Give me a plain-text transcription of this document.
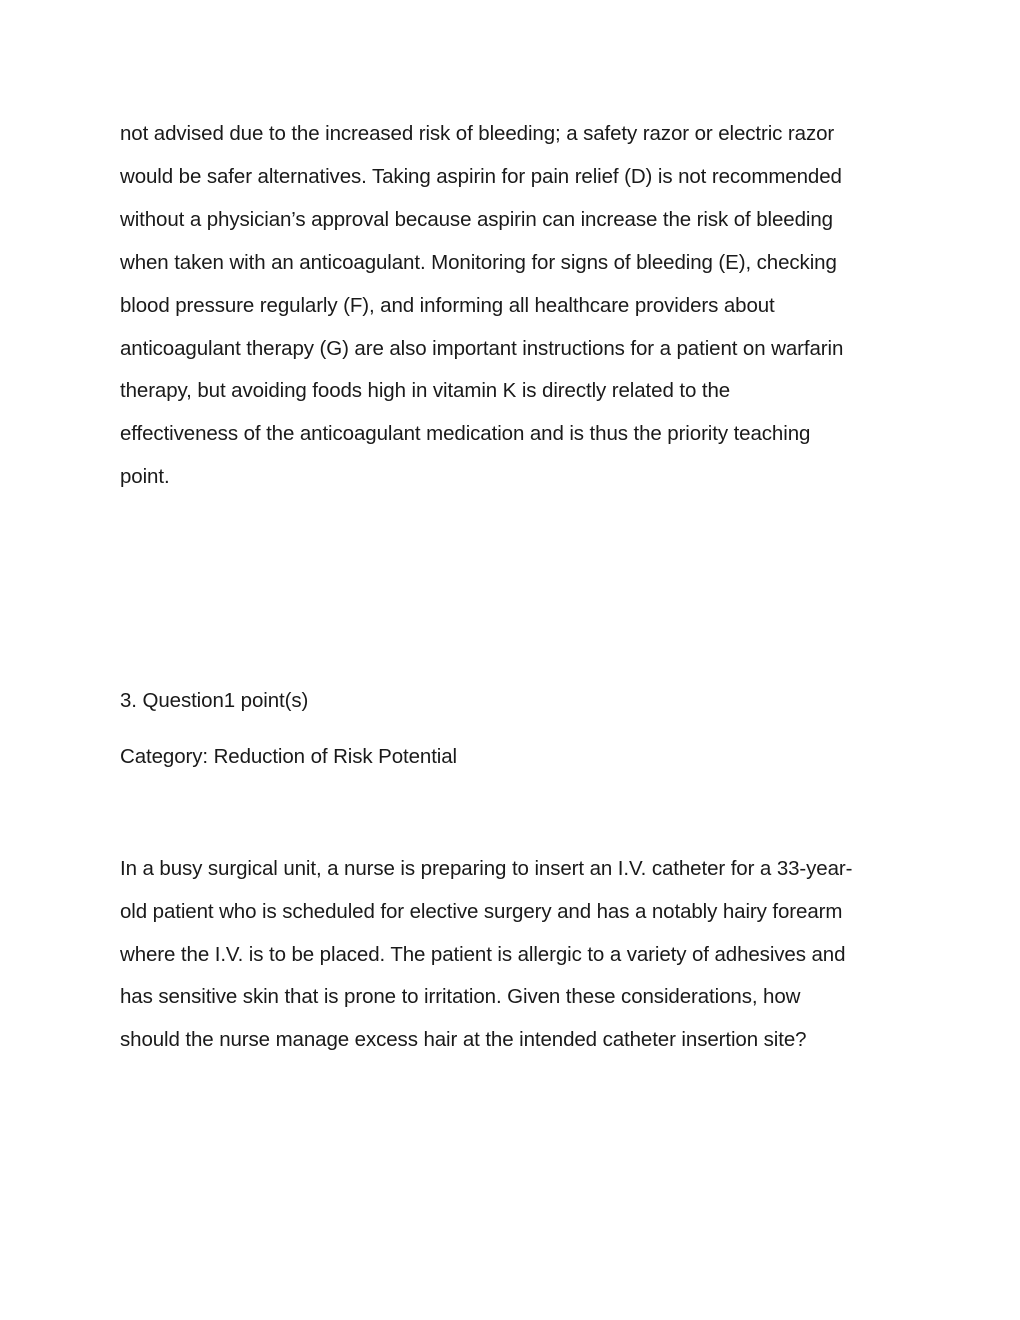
not advised due to the increased risk of bleeding; a safety razor or electric razor
would be safer alternatives. Taking aspirin for pain relief (D) is not recommended
without a physician’s approval because aspirin can increase the risk of bleeding
when taken with an anticoagulant. Monitoring for signs of bleeding (E), checking
blood pressure regularly (F), and informing all healthcare providers about
anticoagulant therapy (G) are also important instructions for a patient on warfarin
therapy, but avoiding foods high in vitamin K is directly related to the
effectiveness of the anticoagulant medication and is thus the priority teaching
point.
3. Question1 point(s)
Category: Reduction of Risk Potential
In a busy surgical unit, a nurse is preparing to insert an I.V. catheter for a 33-year-
old patient who is scheduled for elective surgery and has a notably hairy forearm
where the I.V. is to be placed. The patient is allergic to a variety of adhesives and
has sensitive skin that is prone to irritation. Given these considerations, how
should the nurse manage excess hair at the intended catheter insertion site?
